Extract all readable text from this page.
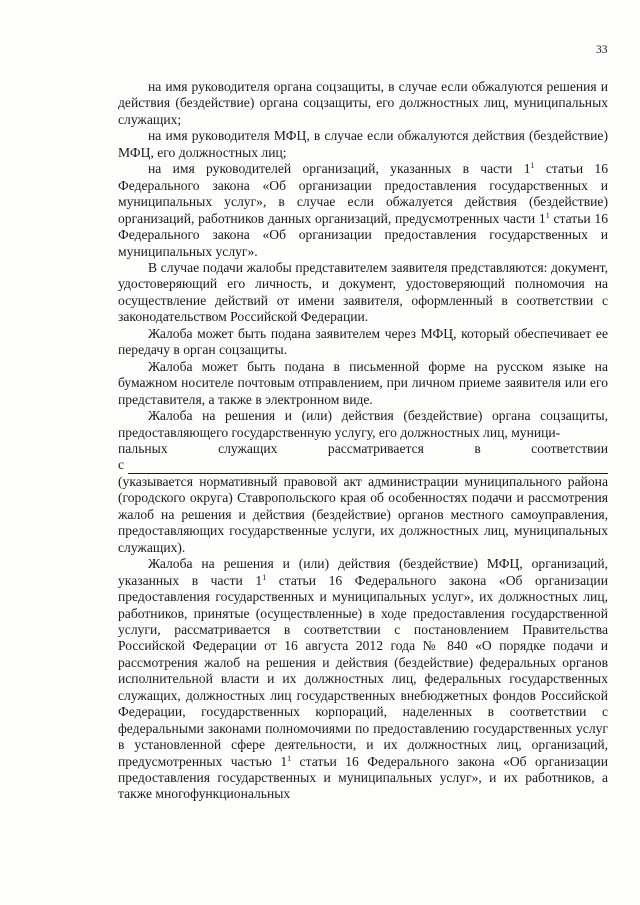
33

на имя руководителя органа соцзащиты, в случае если обжалуются решения и действия (бездействие) органа соцзащиты, его должностных лиц, муниципальных служащих;

на имя руководителя МФЦ, в случае если обжалуются действия (бездействие) МФЦ, его должностных лиц;

на имя руководителей организаций, указанных в части $1^1$ статьи 16 Федерального закона «Об организации предоставления государственных и муниципальных услуг», в случае если обжалуется действия (бездействие) организаций, работников данных организаций, предусмотренных части $1^1$ статьи 16 Федерального закона «Об организации предоставления государственных и муниципальных услуг».

В случае подачи жалобы представителем заявителя представляются: документ, удостоверяющий его личность, и документ, удостоверяющий полномочия на осуществление действий от имени заявителя, оформленный в соответствии с законодательством Российской Федерации.

Жалоба может быть подана заявителем через МФЦ, который обеспечивает ее передачу в орган соцзащиты.

Жалоба может быть подана в письменной форме на русском языке на бумажном носителе почтовым отправлением, при личном приеме заявителя или его представителя, а также в электронном виде.

Жалоба на решения и (или) действия (бездействие) органа соцзащиты, предоставляющего государственную услугу, его должностных лиц, муници-

пальных	служащих	рассматривается	в	соответствии
с

(указывается нормативный правовой акт администрации муниципального района (городского округа) Ставропольского края об особенностях подачи и рассмотрения жалоб на решения и действия (бездействие) органов местного самоуправления, предоставляющих государственные услуги, их должностных лиц, муниципальных служащих).

Жалоба на решения и (или) действия (бездействие) МФЦ, организаций, указанных в части $1^1$ статьи 16 Федерального закона «Об организации предоставления государственных и муниципальных услуг», их должностных лиц, работников, принятые (осуществленные) в ходе предоставления государственной услуги, рассматривается в соответствии с постановлением Правительства Российской Федерации от 16 августа 2012 года № 840 «О порядке подачи и рассмотрения жалоб на решения и действия (бездействие) федеральных органов исполнительной власти и их должностных лиц, федеральных государственных служащих, должностных лиц государственных внебюджетных фондов Российской Федерации, государственных корпораций, наделенных в соответствии с федеральными законами полномочиями по предоставлению государственных услуг в установленной сфере деятельности, и их должностных лиц, организаций, предусмотренных частью $1^1$ статьи 16 Федерального закона «Об организации предоставления государственных и муниципальных услуг», и их работников, а также многофункциональных
